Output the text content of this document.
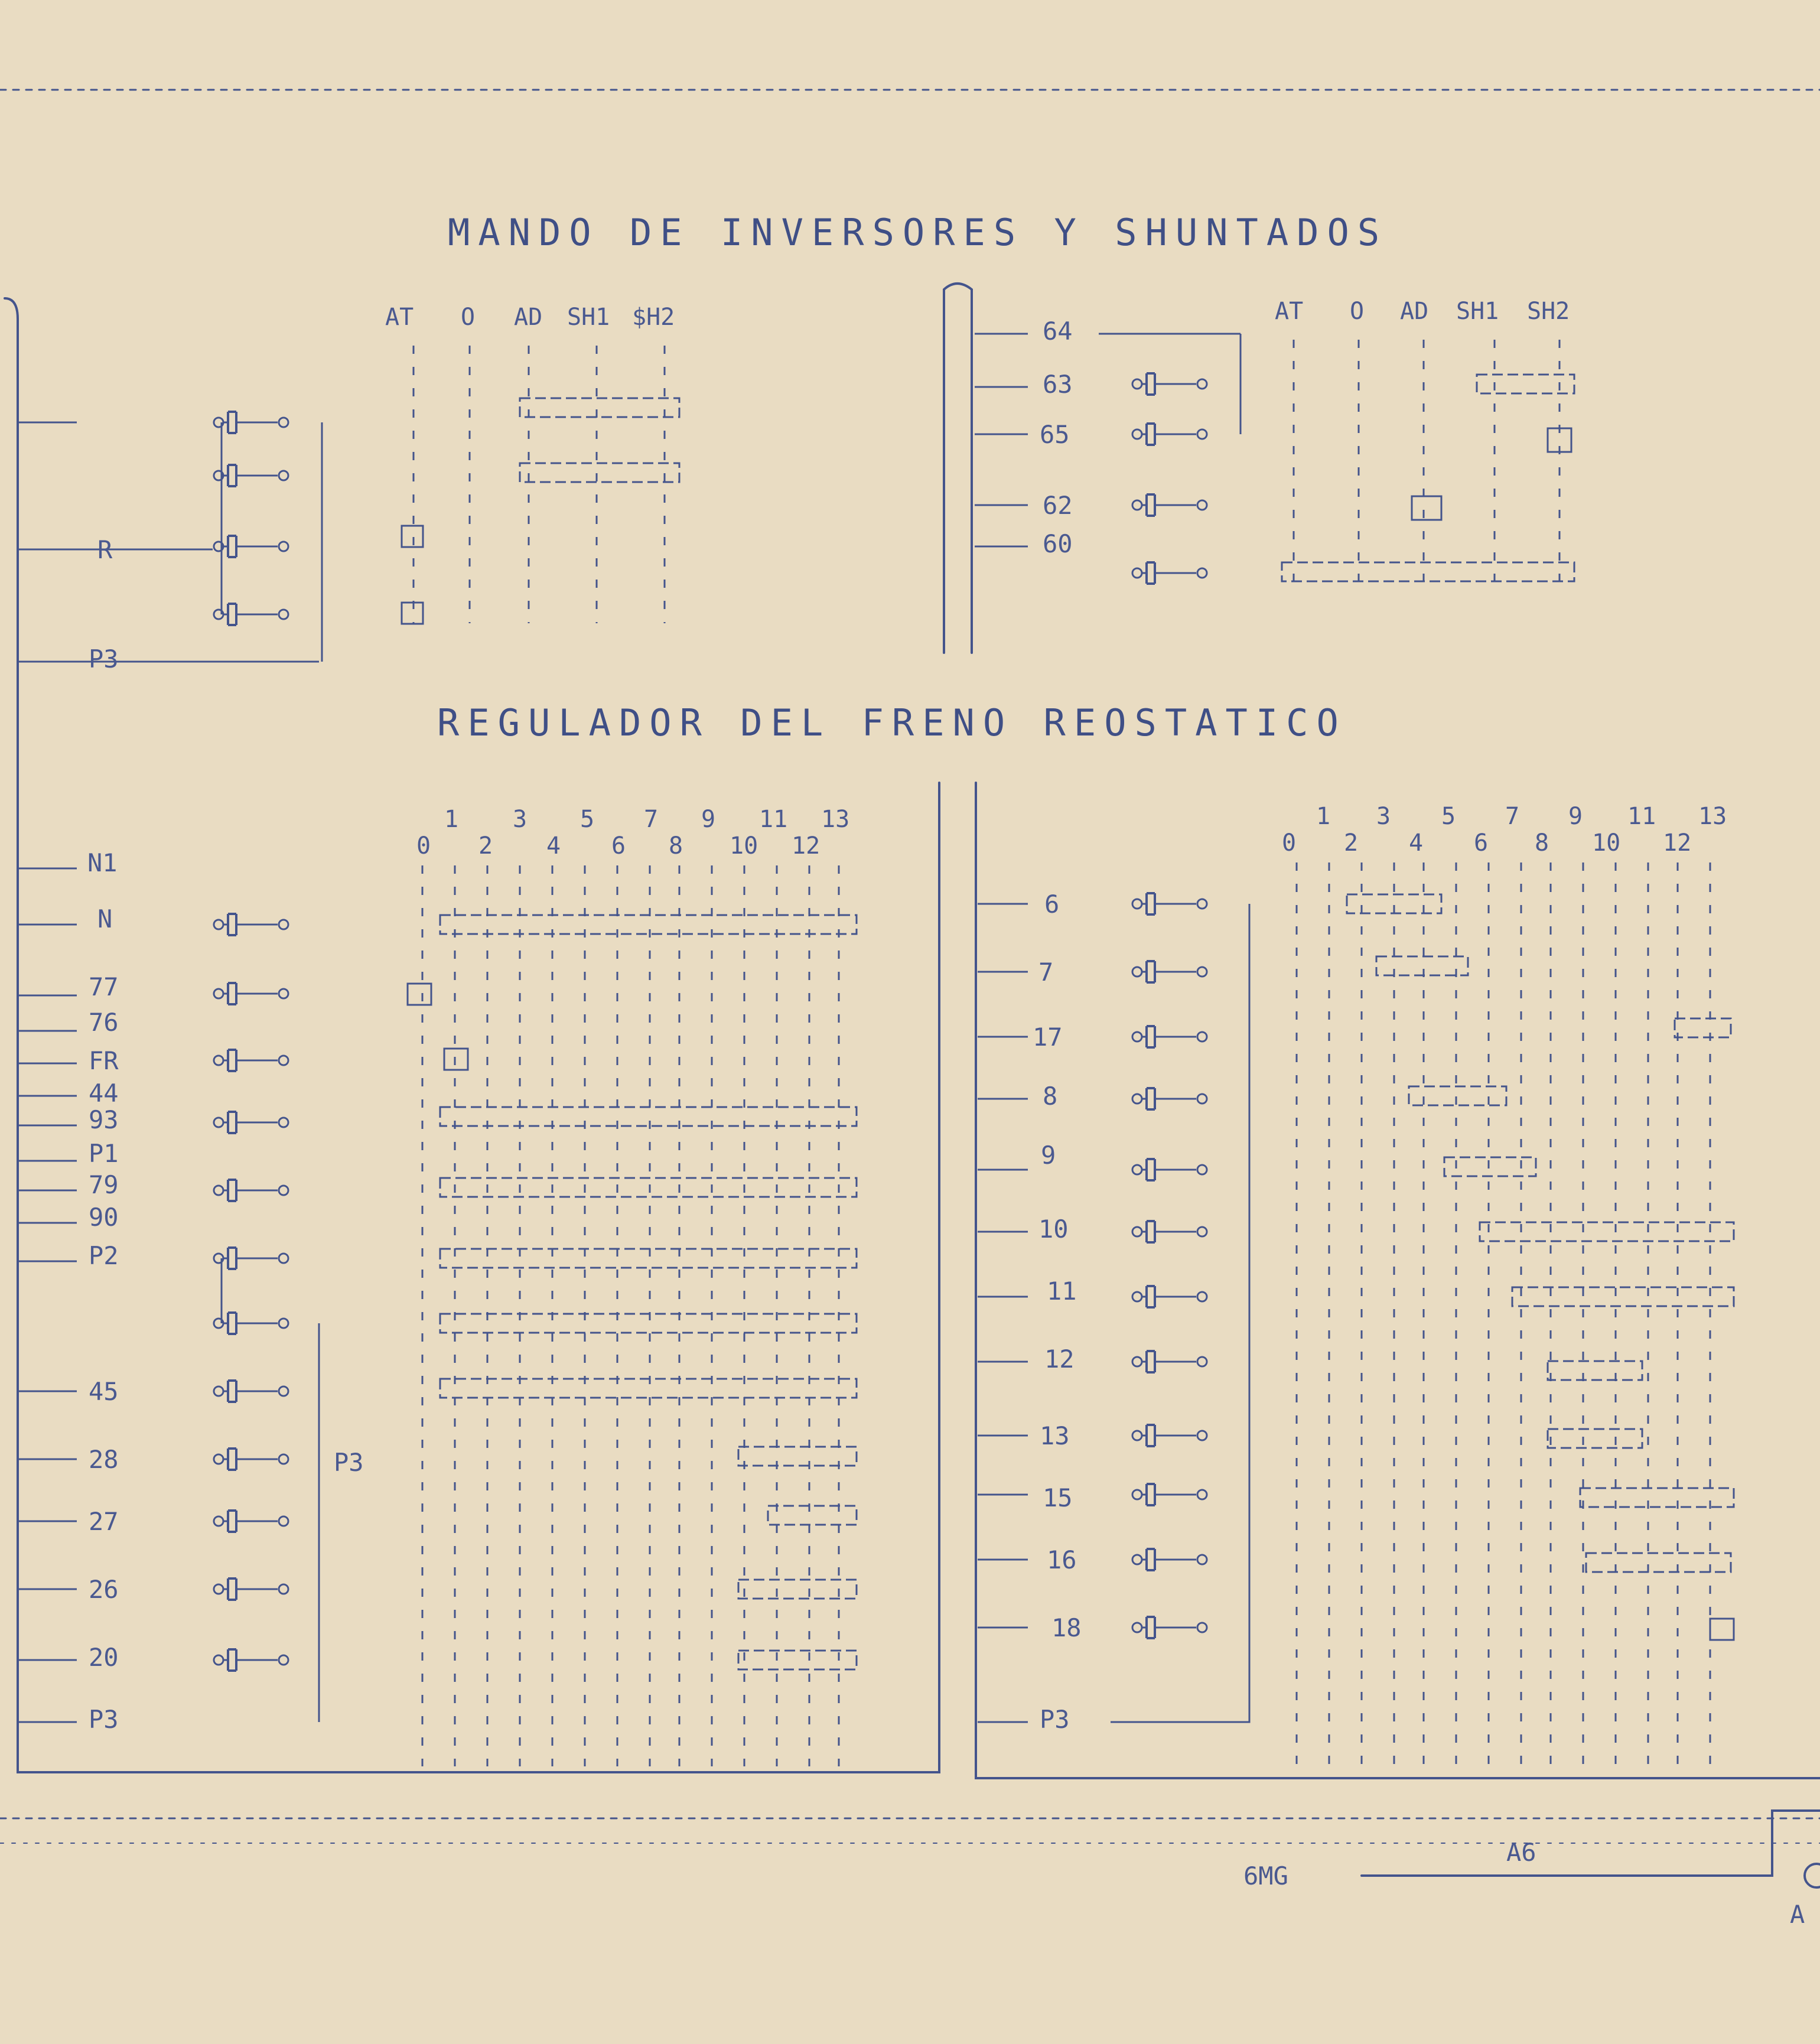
MANDO DE INVERSORES Y SHUNTADOS
REGULADOR DEL FRENO REOSTATICO
AT O AD SH1 $H2
R
P3
AT O AD SH1 SH2
64
63
65
62
60
0
1
2
3
4
5
6
7
8
9
10
11
12
13
N1
N
77
76
FR
44
93
P1
79
90
P2
45
28
27
26
20
P3
P3
0
1
2
3
4
5
6
7
8
9
10
11
12
13
6
7
17
8
9
10
11
12
13
15
16
18
P3
6MG
A6
A
